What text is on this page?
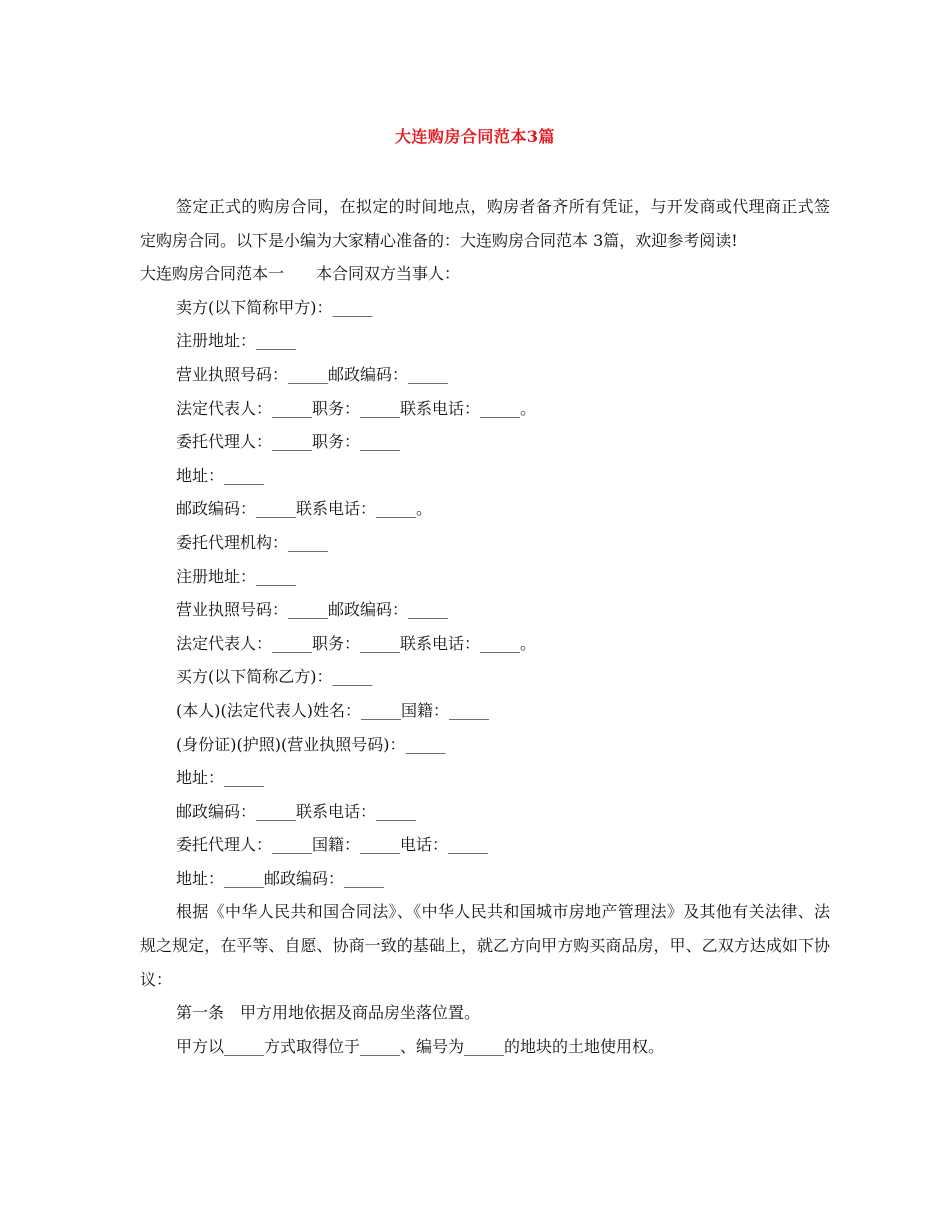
大连购房合同范本3篇

签定正式的购房合同，在拟定的时间地点，购房者备齐所有凭证，与开发商或代理商正式签定购房合同。以下是小编为大家精心准备的：大连购房合同范本 3篇，欢迎参考阅读!

大连购房合同范本一　　本合同双方当事人：

卖方(以下简称甲方)：_____

注册地址：_____

营业执照号码：_____邮政编码：_____

法定代表人：_____职务：_____联系电话：_____。

委托代理人：_____职务：_____

地址：_____

邮政编码：_____联系电话：_____。

委托代理机构：_____

注册地址：_____

营业执照号码：_____邮政编码：_____

法定代表人：_____职务：_____联系电话：_____。

买方(以下简称乙方)：_____

(本人)(法定代表人)姓名：_____国籍：_____

(身份证)(护照)(营业执照号码)：_____

地址：_____

邮政编码：_____联系电话：_____

委托代理人：_____国籍：_____电话：_____

地址：_____邮政编码：_____

根据《中华人民共和国合同法》、《中华人民共和国城市房地产管理法》及其他有关法律、法规之规定，在平等、自愿、协商一致的基础上，就乙方向甲方购买商品房，甲、乙双方达成如下协议：

第一条　甲方用地依据及商品房坐落位置。

甲方以_____方式取得位于_____、编号为_____的地块的土地使用权。
